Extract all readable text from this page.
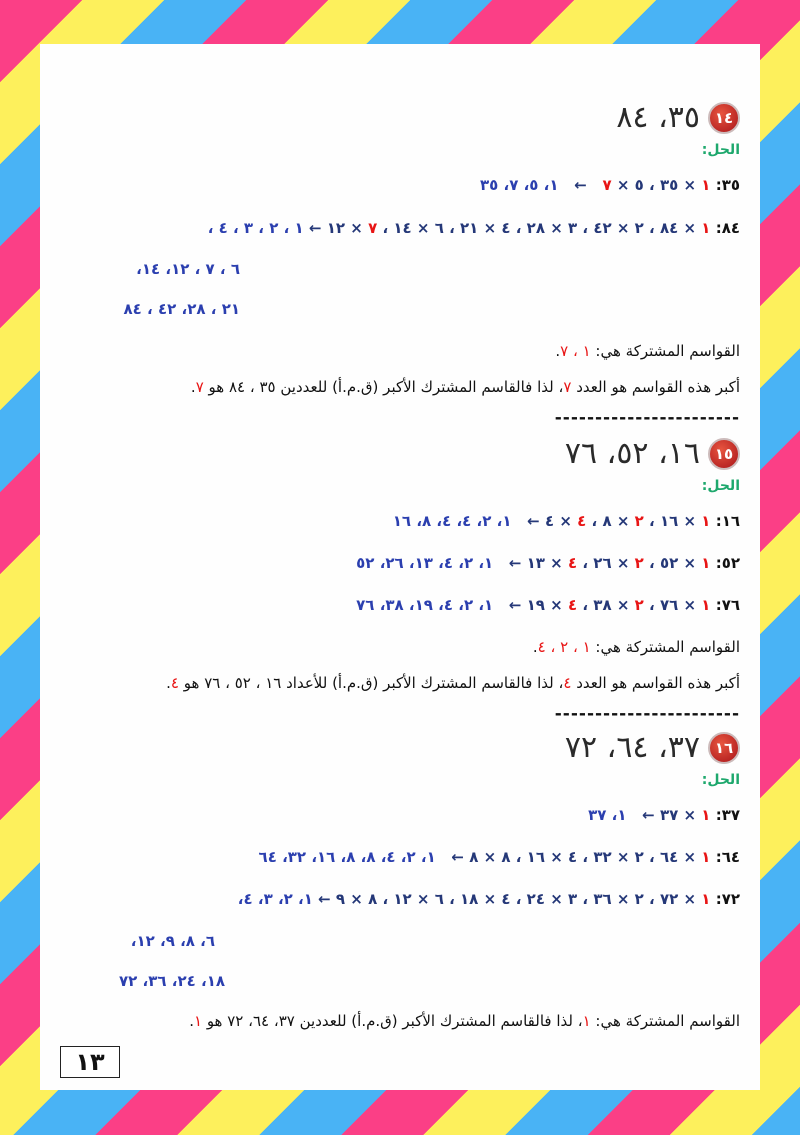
١٤
٣٥، ٨٤
الحل:
٣٥: ١ × ٣٥ ، ٥ × ٧   ←   ١، ٥، ٧، ٣٥
٨٤: ١ × ٨٤ ، ٢ × ٤٢ ، ٣ × ٢٨ ، ٤ × ٢١ ، ٦ × ١٤ ، ٧ × ١٢ ← ١ ، ٢ ، ٣ ، ٤ ،
٦ ، ٧ ، ١٢، ١٤،
٢١ ، ٢٨، ٤٢ ، ٨٤
القواسم المشتركة هي: ١ ، ٧.
أكبر هذه القواسم هو العدد ٧، لذا فالقاسم المشترك الأكبر (ق.م.أ) للعددين ٣٥ ، ٨٤ هو ٧.
-----------------------
١٥
١٦، ٥٢، ٧٦
الحل:
١٦: ١ × ١٦ ، ٢ × ٨ ، ٤ × ٤ ←   ١، ٢، ٤، ٤، ٨، ١٦
٥٢: ١ × ٥٢ ، ٢ × ٢٦ ، ٤ × ١٣ ←   ١، ٢، ٤، ١٣، ٢٦، ٥٢
٧٦: ١ × ٧٦ ، ٢ × ٣٨ ، ٤ × ١٩ ←   ١، ٢، ٤، ١٩، ٣٨، ٧٦
القواسم المشتركة هي: ١ ، ٢ ، ٤.
أكبر هذه القواسم هو العدد ٤، لذا فالقاسم المشترك الأكبر (ق.م.أ) للأعداد ١٦ ، ٥٢ ، ٧٦ هو ٤.
-----------------------
١٦
٣٧، ٦٤، ٧٢
الحل:
٣٧: ١ × ٣٧ ←   ١، ٣٧
٦٤: ١ × ٦٤ ، ٢ × ٣٢ ، ٤ × ١٦ ، ٨ × ٨ ←   ١، ٢، ٤، ٨، ٨، ١٦، ٣٢، ٦٤
٧٢: ١ × ٧٢ ، ٢ × ٣٦ ، ٣ × ٢٤ ، ٤ × ١٨ ، ٦ × ١٢ ، ٨ × ٩ ← ١، ٢، ٣، ٤،
٦، ٨، ٩، ١٢،
١٨، ٢٤، ٣٦، ٧٢
القواسم المشتركة هي: ١، لذا فالقاسم المشترك الأكبر (ق.م.أ) للعددين ٣٧، ٦٤، ٧٢ هو ١.
١٣
